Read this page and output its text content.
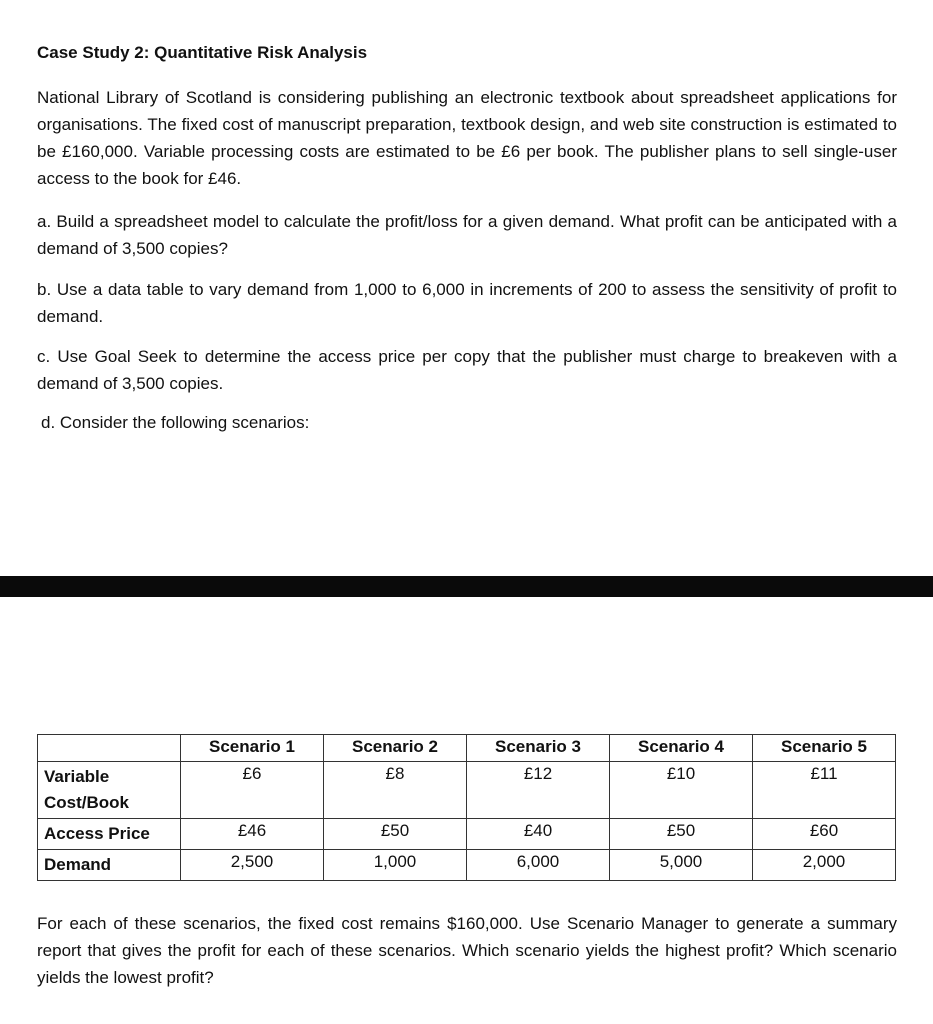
Case Study 2: Quantitative Risk Analysis

National Library of Scotland is considering publishing an electronic textbook about spreadsheet applications for organisations. The fixed cost of manuscript preparation, textbook design, and web site construction is estimated to be £160,000. Variable processing costs are estimated to be £6 per book. The publisher plans to sell single-user access to the book for £46.

a. Build a spreadsheet model to calculate the profit/loss for a given demand. What profit can be anticipated with a demand of 3,500 copies?

b. Use a data table to vary demand from 1,000 to 6,000 in increments of 200 to assess the sensitivity of profit to demand.

c. Use Goal Seek to determine the access price per copy that the publisher must charge to breakeven with a demand of 3,500 copies.

d. Consider the following scenarios:

	Scenario 1	Scenario 2	Scenario 3	Scenario 4	Scenario 5
Variable Cost/Book	£6	£8	£12	£10	£11
Access Price	£46	£50	£40	£50	£60
Demand	2,500	1,000	6,000	5,000	2,000

For each of these scenarios, the fixed cost remains $160,000. Use Scenario Manager to generate a summary report that gives the profit for each of these scenarios. Which scenario yields the highest profit? Which scenario yields the lowest profit?
